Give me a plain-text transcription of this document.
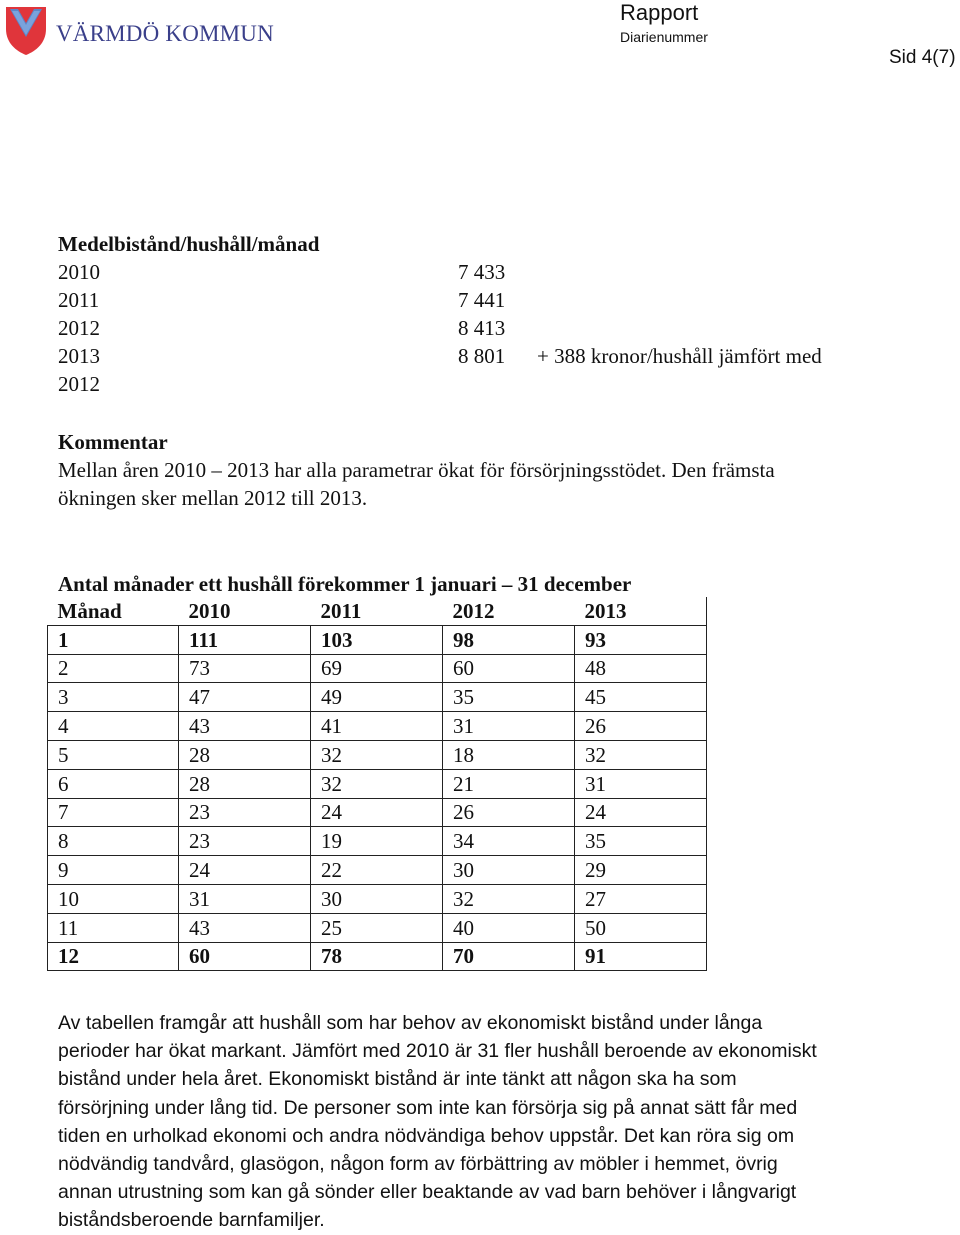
VÄRMDÖ KOMMUN
Rapport
Diarienummer
Sid 4(7)
Medelbistånd/hushåll/månad
2010	7 433
2011	7 441
2012	8 413
2013	8 801 + 388 kronor/hushåll jämfört med
2012
Kommentar
Mellan åren 2010 – 2013 har alla parametrar ökat för försörjningsstödet. Den främsta
ökningen sker mellan 2012 till 2013.
Antal månader ett hushåll förekommer 1 januari – 31 december
Månad	2010	2011	2012	2013
1	111	103	98	93
2	73	69	60	48
3	47	49	35	45
4	43	41	31	26
5	28	32	18	32
6	28	32	21	31
7	23	24	26	24
8	23	19	34	35
9	24	22	30	29
10	31	30	32	27
11	43	25	40	50
12	60	78	70	91
Av tabellen framgår att hushåll som har behov av ekonomiskt bistånd under långa
perioder har ökat markant. Jämfört med 2010 är 31 fler hushåll beroende av ekonomiskt
bistånd under hela året. Ekonomiskt bistånd är inte tänkt att någon ska ha som
försörjning under lång tid. De personer som inte kan försörja sig på annat sätt får med
tiden en urholkad ekonomi och andra nödvändiga behov uppstår. Det kan röra sig om
nödvändig tandvård, glasögon, någon form av förbättring av möbler i hemmet, övrig
annan utrustning som kan gå sönder eller beaktande av vad barn behöver i långvarigt
biståndsberoende barnfamiljer.
